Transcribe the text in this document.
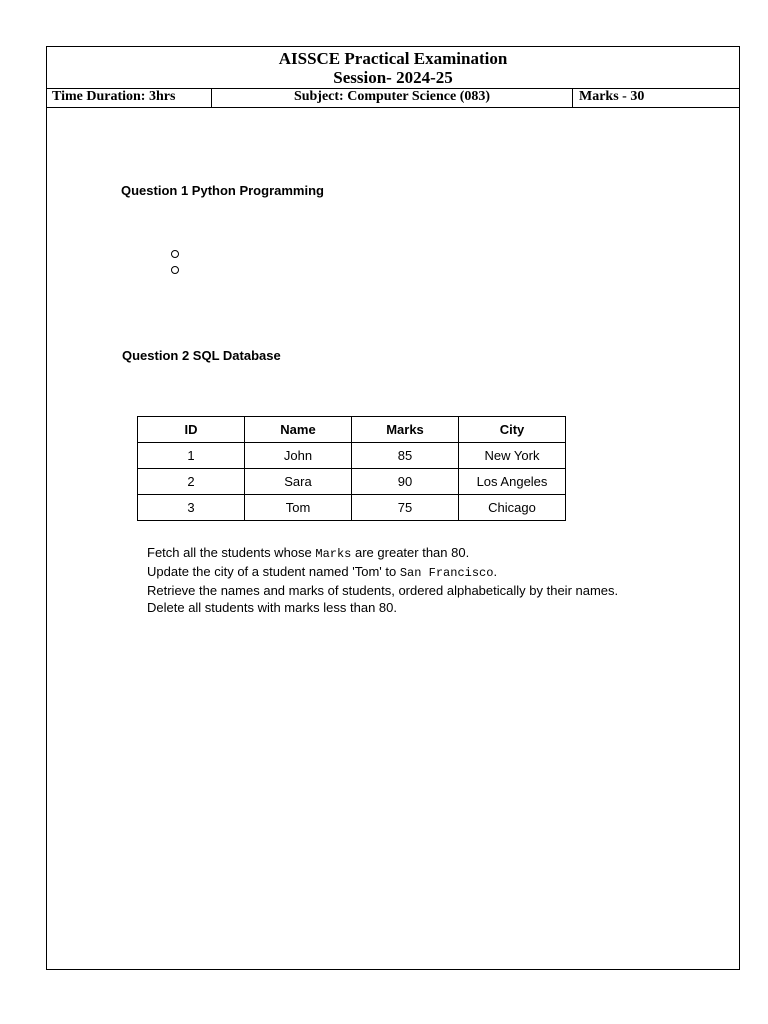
AISSCE Practical Examination
Session- 2024-25
Time Duration: 3hrs	Subject: Computer Science (083)	Marks - 30
Question 1 Python Programming
Question 2 SQL Database
ID	Name	Marks	City
1	John	85	New York
2	Sara	90	Los Angeles
3	Tom	75	Chicago
Fetch all the students whose Marks are greater than 80.
Update the city of a student named 'Tom' to San Francisco.
Retrieve the names and marks of students, ordered alphabetically by their names.
Delete all students with marks less than 80.
